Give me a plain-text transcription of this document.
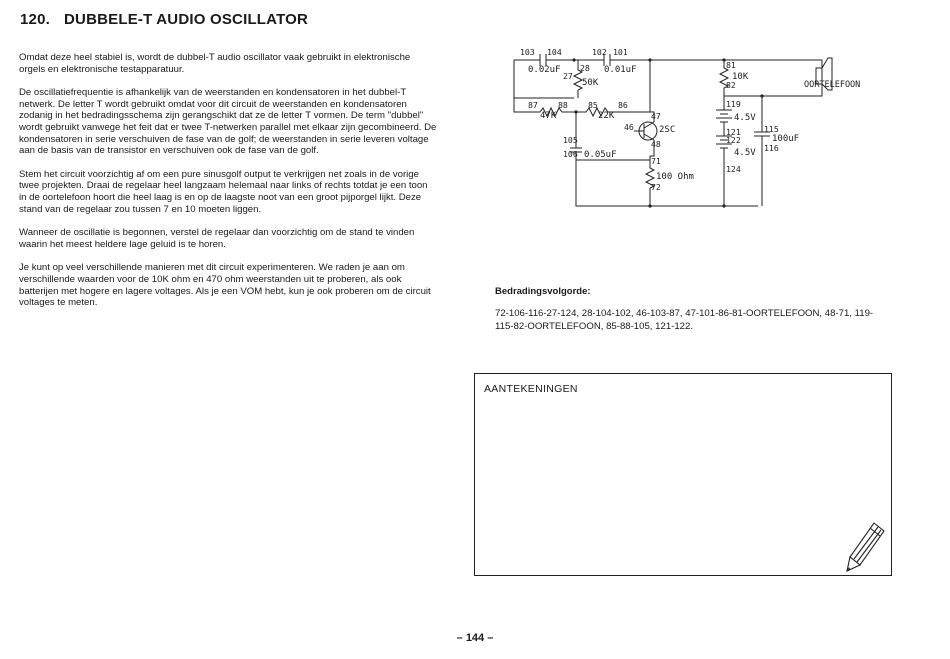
120. DUBBELE-T AUDIO OSCILLATOR

Omdat deze heel stabiel is, wordt de dubbel-T audio oscillator vaak gebruikt in elektronische orgels en elektronische testapparatuur.

De oscillatiefrequentie is afhankelijk van de weerstanden en kondensatoren in het dubbel-T netwerk. De letter T wordt gebruikt omdat voor dit circuit de weerstanden en kondensatoren zodanig in het bedradingsschema zijn gerangschikt dat ze de letter T vormen. De term "dubbel" wordt gebruikt vanwege het feit dat er twee T-netwerken parallel met elkaar zijn gecombineerd. De kondensatoren in serie verschuiven de fase van de golf; de weerstanden in serie leveren voltage aan de basis van de transistor en verschuiven ook de fase van de golf.

Stem het circuit voorzichtig af om een pure sinusgolf output te verkrijgen net zoals in de vorige twee projekten. Draai de regelaar heel langzaam helemaal naar links of rechts totdat je een toon in de oortelefoon hoort die heel laag is en op de laagste noot van een groot pijporgel lijkt. Deze stand van de regelaar zou tussen 7 en 10 moeten liggen.

Wanneer de oscillatie is begonnen, verstel de regelaar dan voorzichtig om de stand te vinden waarin het meest heldere lage geluid is te horen.

Je kunt op veel verschillende manieren met dit circuit experimenteren. We raden je aan om verschillende waarden voor de 10K ohm en 470 ohm weerstanden uit te proberen, als ook batterijen met hogere en lagere voltages. Als je een VOM hebt, kun je ook proberen om de circuit voltages te meten.

103 104	102 101
0.02uF	0.01uF
28
27
50K
87 88
47K
85 86
22K
46
47
2SC
48
105
106 0.05uF
71
100 Ohm
72
81
10K
82
119
4.5V
121
122
4.5V
124
115
100uF
116
OORTELEFOON
Bedradingsvolgorde:
72-106-116-27-124, 28-104-102, 46-103-87, 47-101-86-81-OORTELEFOON, 48-71, 119-115-82-OORTELEFOON, 85-88-105, 121-122.
AANTEKENINGEN
– 144 –
